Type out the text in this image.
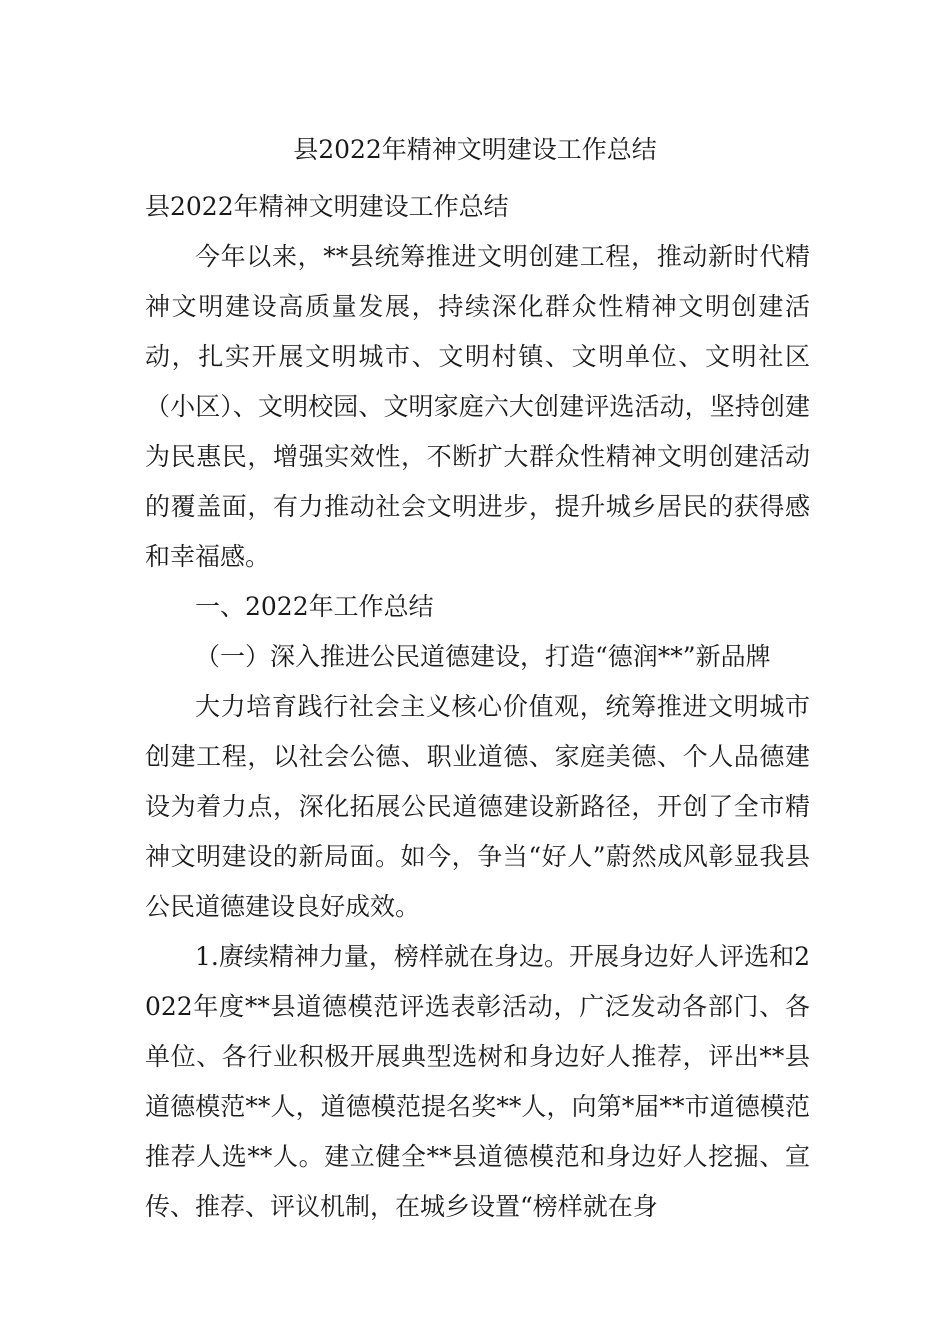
县2022年精神文明建设工作总结

县2022年精神文明建设工作总结

今年以来，**县统筹推进文明创建工程，推动新时代精神文明建设高质量发展，持续深化群众性精神文明创建活动，扎实开展文明城市、文明村镇、文明单位、文明社区（小区）、文明校园、文明家庭六大创建评选活动，坚持创建为民惠民，增强实效性，不断扩大群众性精神文明创建活动的覆盖面，有力推动社会文明进步，提升城乡居民的获得感和幸福感。

一、2022年工作总结

（一）深入推进公民道德建设，打造“德润**”新品牌

大力培育践行社会主义核心价值观，统筹推进文明城市创建工程，以社会公德、职业道德、家庭美德、个人品德建设为着力点，深化拓展公民道德建设新路径，开创了全市精神文明建设的新局面。如今，争当“好人”蔚然成风彰显我县公民道德建设良好成效。

1.赓续精神力量，榜样就在身边。开展身边好人评选和2022年度**县道德模范评选表彰活动，广泛发动各部门、各单位、各行业积极开展典型选树和身边好人推荐，评出**县道德模范**人，道德模范提名奖**人，向第*届**市道德模范推荐人选**人。建立健全**县道德模范和身边好人挖掘、宣传、推荐、评议机制，在城乡设置“榜样就在身
